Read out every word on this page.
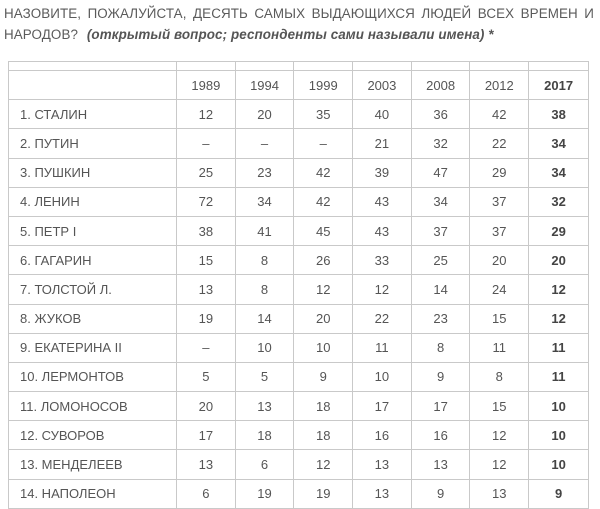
НАЗОВИТЕ, ПОЖАЛУЙСТА, ДЕСЯТЬ САМЫХ ВЫДАЮЩИХСЯ ЛЮДЕЙ ВСЕХ ВРЕМЕН И НАРОДОВ? (открытый вопрос; респонденты сами называли имена) *

	1989	1994	1999	2003	2008	2012	2017
1. СТАЛИН	12	20	35	40	36	42	38
2. ПУТИН	–	–	–	21	32	22	34
3. ПУШКИН	25	23	42	39	47	29	34
4. ЛЕНИН	72	34	42	43	34	37	32
5. ПЕТР I	38	41	45	43	37	37	29
6. ГАГАРИН	15	8	26	33	25	20	20
7. ТОЛСТОЙ Л.	13	8	12	12	14	24	12
8. ЖУКОВ	19	14	20	22	23	15	12
9. ЕКАТЕРИНА II	–	10	10	11	8	11	11
10. ЛЕРМОНТОВ	5	5	9	10	9	8	11
11. ЛОМОНОСОВ	20	13	18	17	17	15	10
12. СУВОРОВ	17	18	18	16	16	12	10
13. МЕНДЕЛЕЕВ	13	6	12	13	13	12	10
14. НАПОЛЕОН	6	19	19	13	9	13	9
